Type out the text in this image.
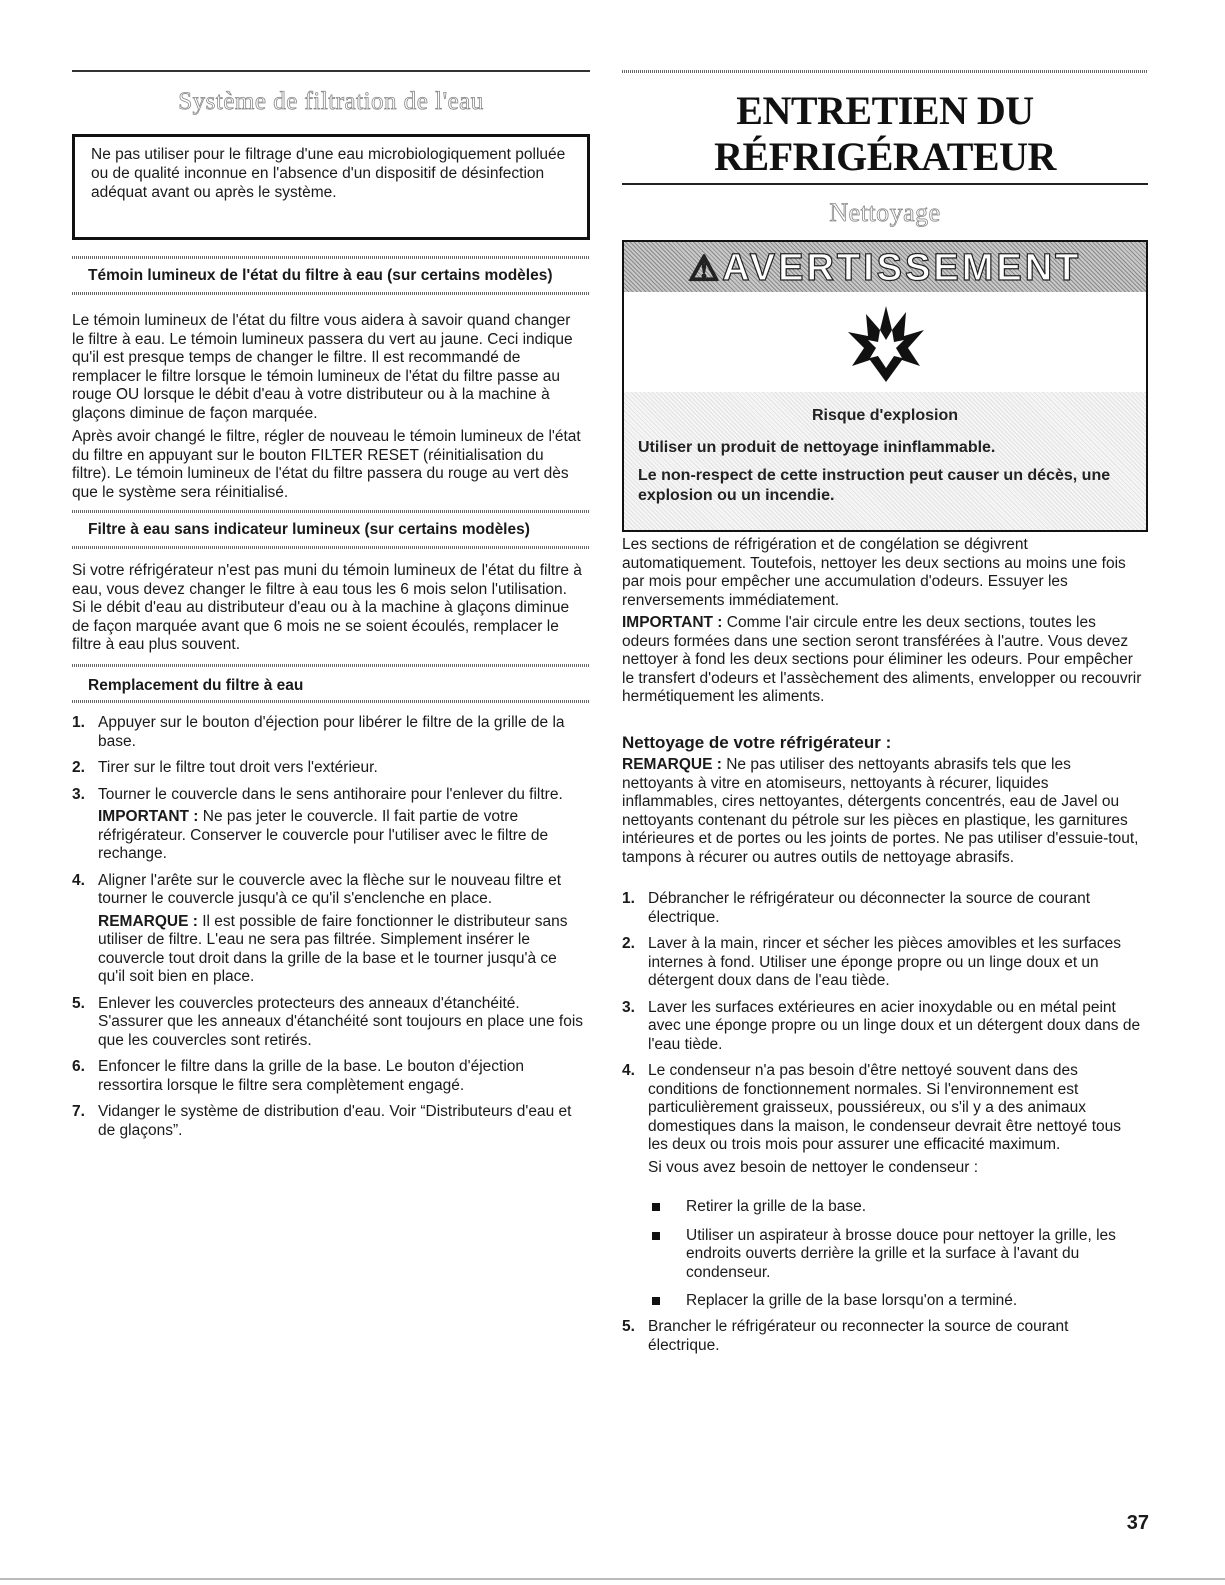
Système de filtration de l'eau
Ne pas utiliser pour le filtrage d'une eau microbiologiquement polluée ou de qualité inconnue en l'absence d'un dispositif de désinfection adéquat avant ou après le système.
Témoin lumineux de l'état du filtre à eau (sur certains modèles)

Le témoin lumineux de l'état du filtre vous aidera à savoir quand changer le filtre à eau. Le témoin lumineux passera du vert au jaune. Ceci indique qu'il est presque temps de changer le filtre. Il est recommandé de remplacer le filtre lorsque le témoin lumineux de l'état du filtre passe au rouge OU lorsque le débit d'eau à votre distributeur ou à la machine à glaçons diminue de façon marquée.

Après avoir changé le filtre, régler de nouveau le témoin lumineux de l'état du filtre en appuyant sur le bouton FILTER RESET (réinitialisation du filtre). Le témoin lumineux de l'état du filtre passera du rouge au vert dès que le système sera réinitialisé.

Filtre à eau sans indicateur lumineux (sur certains modèles)

Si votre réfrigérateur n'est pas muni du témoin lumineux de l'état du filtre à eau, vous devez changer le filtre à eau tous les 6 mois selon l'utilisation. Si le débit d'eau au distributeur d'eau ou à la machine à glaçons diminue de façon marquée avant que 6 mois ne se soient écoulés, remplacer le filtre à eau plus souvent.

Remplacement du filtre à eau
1. Appuyer sur le bouton d'éjection pour libérer le filtre de la grille de la base.
2. Tirer sur le filtre tout droit vers l'extérieur.
3. Tourner le couvercle dans le sens antihoraire pour l'enlever du filtre.

IMPORTANT : Ne pas jeter le couvercle. Il fait partie de votre réfrigérateur. Conserver le couvercle pour l'utiliser avec le filtre de rechange.

4. Aligner l'arête sur le couvercle avec la flèche sur le nouveau filtre et tourner le couvercle jusqu'à ce qu'il s'enclenche en place.

REMARQUE : Il est possible de faire fonctionner le distributeur sans utiliser de filtre. L'eau ne sera pas filtrée. Simplement insérer le couvercle tout droit dans la grille de la base et le tourner jusqu'à ce qu'il soit bien en place.

5. Enlever les couvercles protecteurs des anneaux d'étanchéité. S'assurer que les anneaux d'étanchéité sont toujours en place une fois que les couvercles sont retirés.
6. Enfoncer le filtre dans la grille de la base. Le bouton d'éjection ressortira lorsque le filtre sera complètement engagé.
7. Vidanger le système de distribution d'eau. Voir “Distributeurs d'eau et de glaçons”.
ENTRETIEN DU
RÉFRIGÉRATEUR
Nettoyage
⚠AVERTISSEMENT
Risque d'explosion
Utiliser un produit de nettoyage ininflammable.
Le non-respect de cette instruction peut causer un décès, une explosion ou un incendie.

Les sections de réfrigération et de congélation se dégivrent automatiquement. Toutefois, nettoyer les deux sections au moins une fois par mois pour empêcher une accumulation d'odeurs. Essuyer les renversements immédiatement.

IMPORTANT : Comme l'air circule entre les deux sections, toutes les odeurs formées dans une section seront transférées à l'autre. Vous devez nettoyer à fond les deux sections pour éliminer les odeurs. Pour empêcher le transfert d'odeurs et l'assèchement des aliments, envelopper ou recouvrir hermétiquement les aliments.

Nettoyage de votre réfrigérateur :

REMARQUE : Ne pas utiliser des nettoyants abrasifs tels que les nettoyants à vitre en atomiseurs, nettoyants à récurer, liquides inflammables, cires nettoyantes, détergents concentrés, eau de Javel ou nettoyants contenant du pétrole sur les pièces en plastique, les garnitures intérieures et de portes ou les joints de portes. Ne pas utiliser d'essuie-tout, tampons à récurer ou autres outils de nettoyage abrasifs.

1. Débrancher le réfrigérateur ou déconnecter la source de courant électrique.
2. Laver à la main, rincer et sécher les pièces amovibles et les surfaces internes à fond. Utiliser une éponge propre ou un linge doux et un détergent doux dans de l'eau tiède.
3. Laver les surfaces extérieures en acier inoxydable ou en métal peint avec une éponge propre ou un linge doux et un détergent doux dans de l'eau tiède.
4. Le condenseur n'a pas besoin d'être nettoyé souvent dans des conditions de fonctionnement normales. Si l'environnement est particulièrement graisseux, poussiéreux, ou s'il y a des animaux domestiques dans la maison, le condenseur devrait être nettoyé tous les deux ou trois mois pour assurer une efficacité maximum.

Si vous avez besoin de nettoyer le condenseur :

Retirer la grille de la base.
Utiliser un aspirateur à brosse douce pour nettoyer la grille, les endroits ouverts derrière la grille et la surface à l'avant du condenseur.
Replacer la grille de la base lorsqu'on a terminé.
5. Brancher le réfrigérateur ou reconnecter la source de courant électrique.
37
